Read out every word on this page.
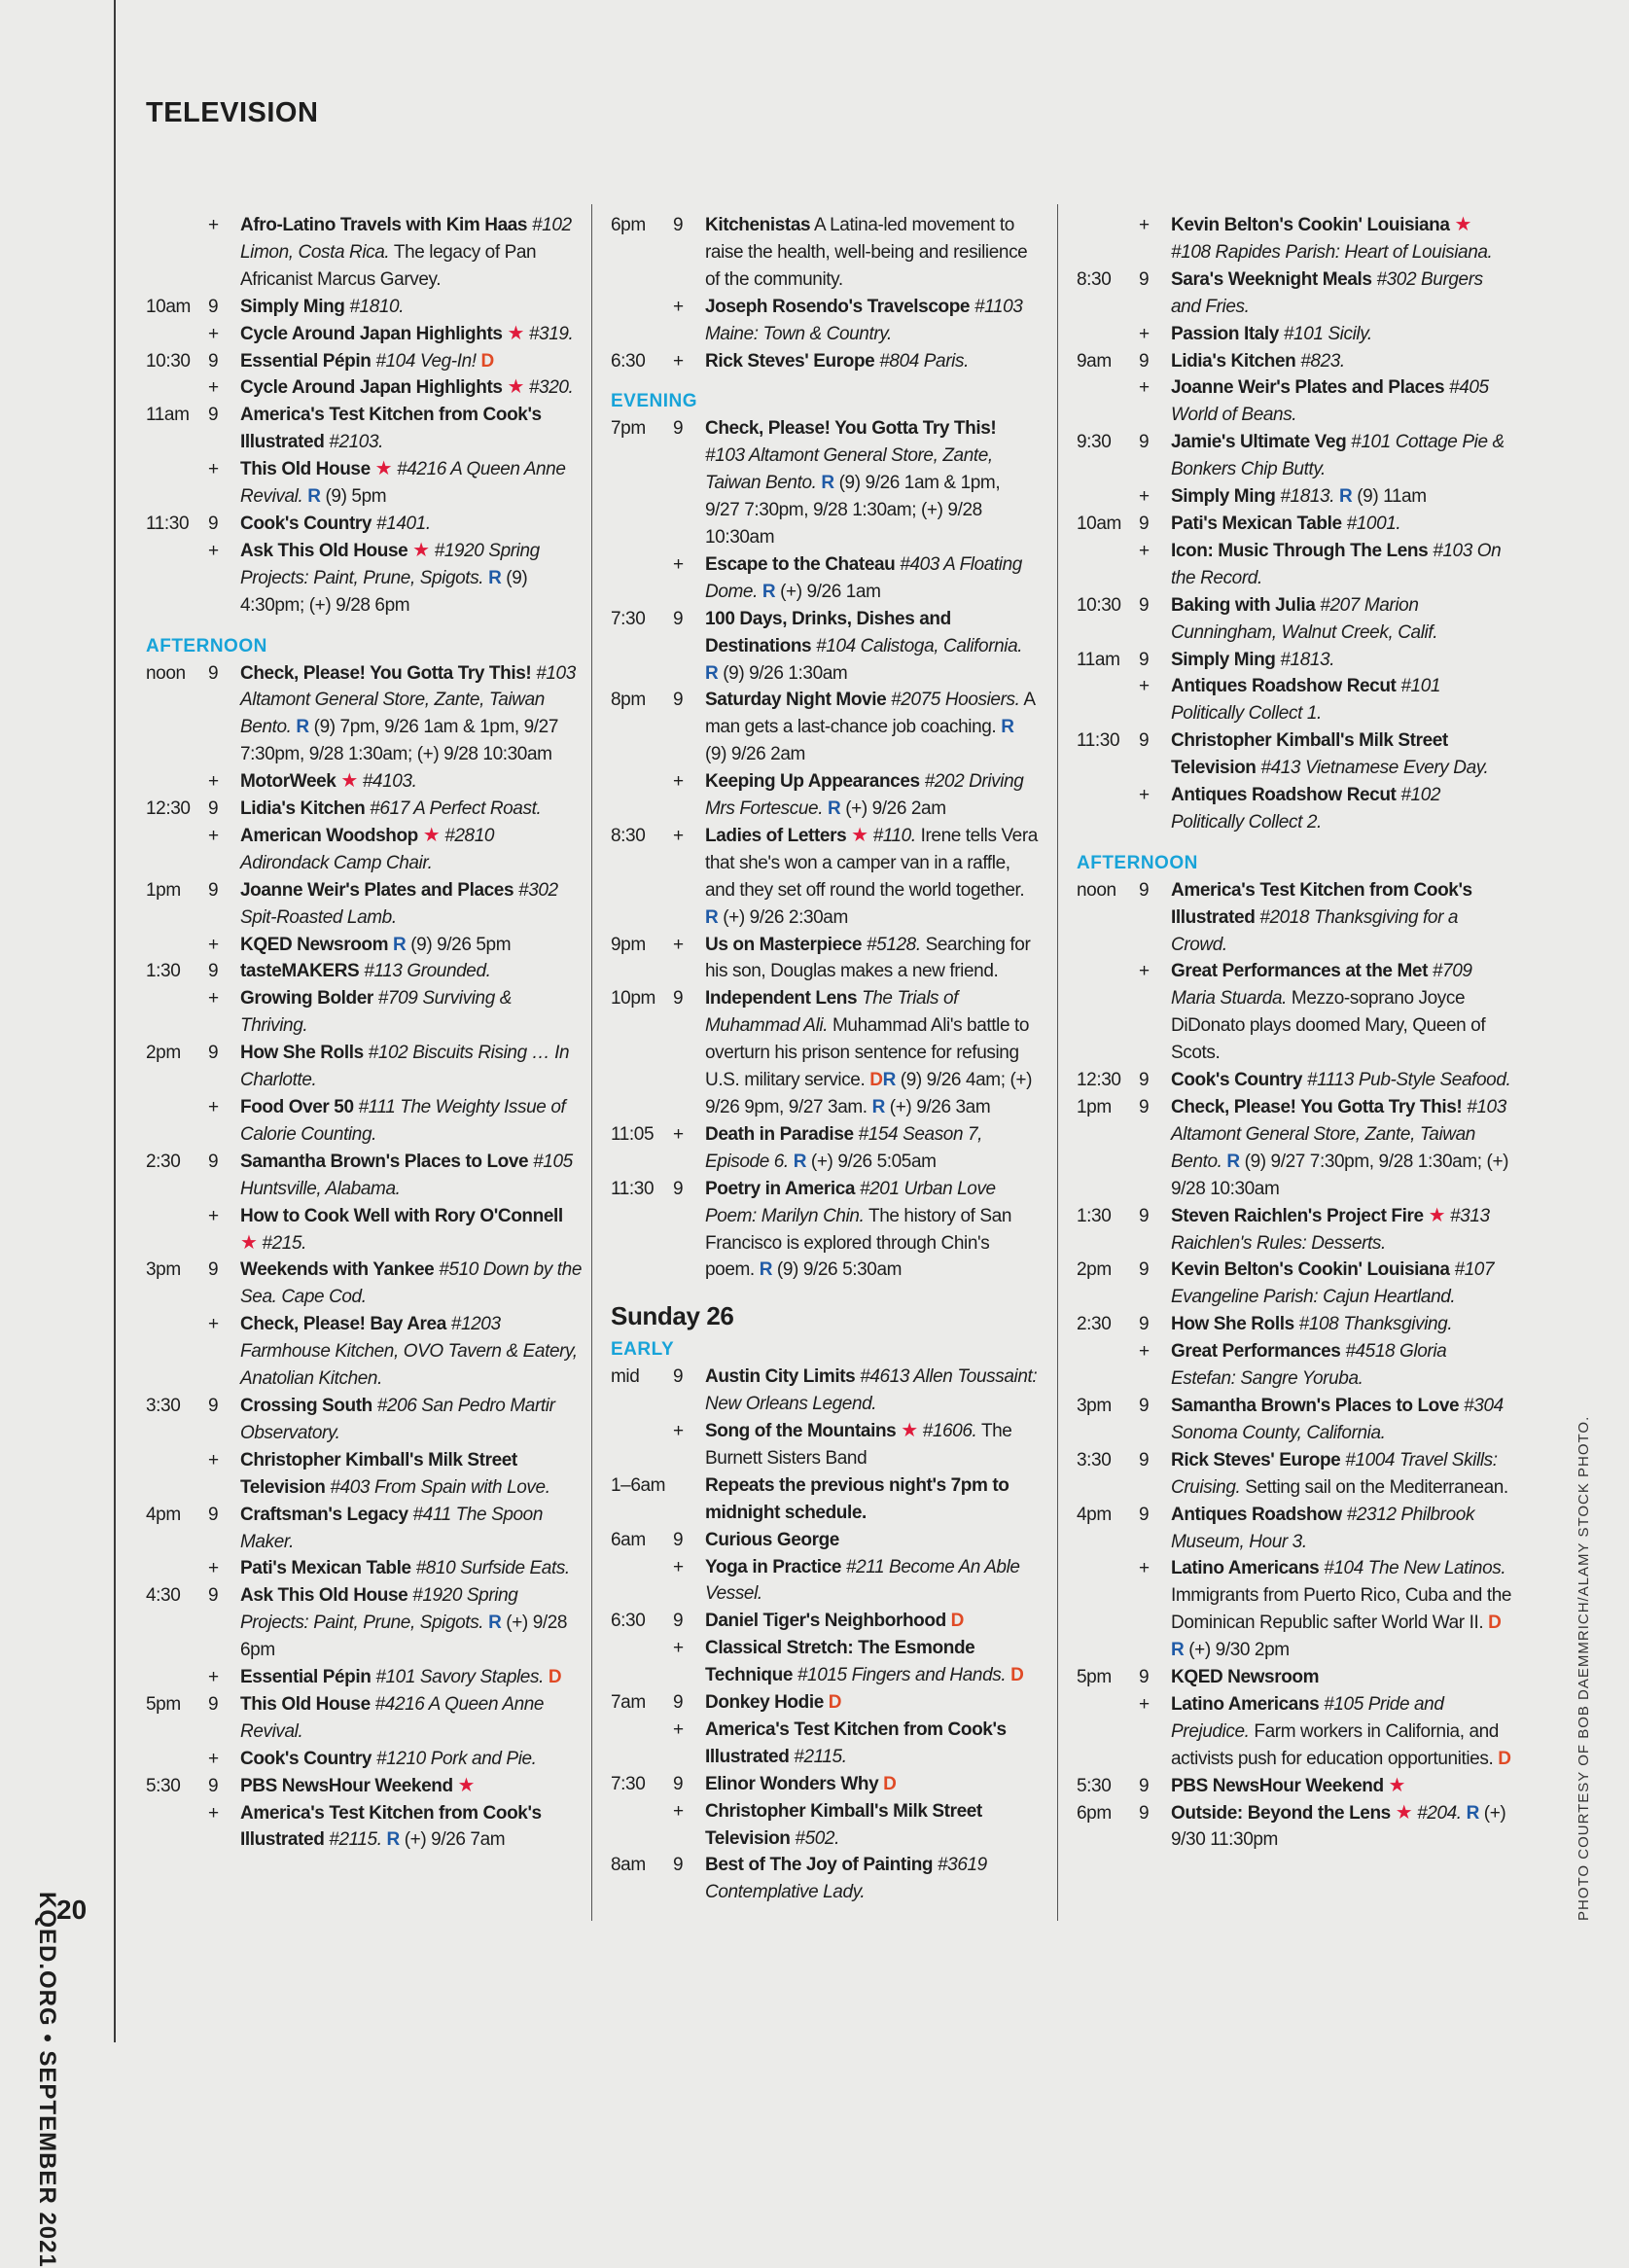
KQED.ORG • SEPTEMBER 2021
20	PHOTO COURTESY OF BOB DAEMMRICH/ALAMY STOCK PHOTO.
TELEVISION
+	Afro-Latino Travels with Kim Haas #102 Limon, Costa Rica. The legacy of Pan Africanist Marcus Garvey.
10am 9	Simply Ming #1810.
+	Cycle Around Japan Highlights ★ #319.
10:30 9	Essential Pépin #104 Veg-In! D
+	Cycle Around Japan Highlights ★ #320.
11am	9	America's Test Kitchen from Cook's Illustrated #2103.
+	This Old House ★ #4216 A Queen Anne Revival. R (9) 5pm
11:30	9	Cook's Country #1401.
+	Ask This Old House ★ #1920 Spring Projects: Paint, Prune, Spigots. R (9) 4:30pm; (+) 9/28 6pm
AFTERNOON
noon	9	Check, Please! You Gotta Try This! #103 Altamont General Store, Zante, Taiwan Bento. R (9) 7pm, 9/26 1am & 1pm, 9/27 7:30pm, 9/28 1:30am; (+) 9/28 10:30am
+	MotorWeek ★ #4103.
12:30 9	Lidia's Kitchen #617 A Perfect Roast.
+	American Woodshop ★ #2810 Adirondack Camp Chair.
1pm	9	Joanne Weir's Plates and Places #302 Spit-Roasted Lamb.
+	KQED Newsroom R (9) 9/26 5pm
1:30	9	tasteMAKERS #113 Grounded.
+	Growing Bolder #709 Surviving & Thriving.
2pm	9	How She Rolls #102 Biscuits Rising … In Charlotte.
+	Food Over 50 #111 The Weighty Issue of Calorie Counting.
2:30	9	Samantha Brown's Places to Love #105 Huntsville, Alabama.
+	How to Cook Well with Rory O'Connell ★ #215.
3pm	9	Weekends with Yankee #510 Down by the Sea. Cape Cod.
+	Check, Please! Bay Area #1203 Farmhouse Kitchen, OVO Tavern & Eatery, Anatolian Kitchen.
3:30	9	Crossing South #206 San Pedro Martir Observatory.
+	Christopher Kimball's Milk Street Television #403 From Spain with Love.
4pm	9	Craftsman's Legacy #411 The Spoon Maker.
+	Pati's Mexican Table #810 Surfside Eats.
4:30	9	Ask This Old House #1920 Spring Projects: Paint, Prune, Spigots. R (+) 9/28 6pm
+	Essential Pépin #101 Savory Staples. D
5pm	9	This Old House #4216 A Queen Anne Revival.
+	Cook's Country #1210 Pork and Pie.
5:30	9	PBS NewsHour Weekend ★
+	America's Test Kitchen from Cook's Illustrated #2115. R (+) 9/26 7am
6pm	9	Kitchenistas A Latina-led movement to raise the health, well-being and resilience of the community.
+	Joseph Rosendo's Travelscope #1103 Maine: Town & Country.
6:30	+	Rick Steves' Europe #804 Paris.
EVENING
7pm	9	Check, Please! You Gotta Try This! #103 Altamont General Store, Zante, Taiwan Bento. R (9) 9/26 1am & 1pm, 9/27 7:30pm, 9/28 1:30am; (+) 9/28 10:30am
+	Escape to the Chateau #403 A Floating Dome. R (+) 9/26 1am
7:30	9	100 Days, Drinks, Dishes and Destinations #104 Calistoga, California. R (9) 9/26 1:30am
8pm	9	Saturday Night Movie #2075 Hoosiers. A man gets a last-chance job coaching. R (9) 9/26 2am
+	Keeping Up Appearances #202 Driving Mrs Fortescue. R (+) 9/26 2am
8:30	+	Ladies of Letters ★ #110. Irene tells Vera that she's won a camper van in a raffle, and they set off round the world together. R (+) 9/26 2:30am
9pm	+	Us on Masterpiece #5128. Searching for his son, Douglas makes a new friend.
10pm 9	Independent Lens The Trials of Muhammad Ali. Muhammad Ali's battle to overturn his prison sentence for refusing U.S. military service. DR (9) 9/26 4am; (+) 9/26 9pm, 9/27 3am. R (+) 9/26 3am
11:05	+	Death in Paradise #154 Season 7, Episode 6. R (+) 9/26 5:05am
11:30	9	Poetry in America #201 Urban Love Poem: Marilyn Chin. The history of San Francisco is explored through Chin's poem. R (9) 9/26 5:30am
Sunday 26
EARLY
mid	9	Austin City Limits #4613 Allen Toussaint: New Orleans Legend.
+	Song of the Mountains ★ #1606. The Burnett Sisters Band
1–6am	Repeats the previous night's 7pm to midnight schedule.
6am	9	Curious George
+	Yoga in Practice #211 Become An Able Vessel.
6:30	9	Daniel Tiger's Neighborhood D
+	Classical Stretch: The Esmonde Technique #1015 Fingers and Hands. D
7am	9	Donkey Hodie D
+	America's Test Kitchen from Cook's Illustrated #2115.
7:30	9	Elinor Wonders Why D
+	Christopher Kimball's Milk Street Television #502.
8am	9	Best of The Joy of Painting #3619 Contemplative Lady.
+	Kevin Belton's Cookin' Louisiana ★ #108 Rapides Parish: Heart of Louisiana.
8:30	9	Sara's Weeknight Meals #302 Burgers and Fries.
+	Passion Italy #101 Sicily.
9am	9	Lidia's Kitchen #823.
+	Joanne Weir's Plates and Places #405 World of Beans.
9:30	9	Jamie's Ultimate Veg #101 Cottage Pie & Bonkers Chip Butty.
+	Simply Ming #1813. R (9) 11am
10am 9	Pati's Mexican Table #1001.
+	Icon: Music Through The Lens #103 On the Record.
10:30 9	Baking with Julia #207 Marion Cunningham, Walnut Creek, Calif.
11am	9	Simply Ming #1813.
+	Antiques Roadshow Recut #101 Politically Collect 1.
11:30	9	Christopher Kimball's Milk Street Television #413 Vietnamese Every Day.
+	Antiques Roadshow Recut #102 Politically Collect 2.
AFTERNOON
noon	9	America's Test Kitchen from Cook's Illustrated #2018 Thanksgiving for a Crowd.
+	Great Performances at the Met #709 Maria Stuarda. Mezzo-soprano Joyce DiDonato plays doomed Mary, Queen of Scots.
12:30 9	Cook's Country #1113 Pub-Style Seafood.
1pm	9	Check, Please! You Gotta Try This! #103 Altamont General Store, Zante, Taiwan Bento. R (9) 9/27 7:30pm, 9/28 1:30am; (+) 9/28 10:30am
1:30	9	Steven Raichlen's Project Fire ★ #313 Raichlen's Rules: Desserts.
2pm	9	Kevin Belton's Cookin' Louisiana #107 Evangeline Parish: Cajun Heartland.
2:30	9	How She Rolls #108 Thanksgiving.
+	Great Performances #4518 Gloria Estefan: Sangre Yoruba.
3pm	9	Samantha Brown's Places to Love #304 Sonoma County, California.
3:30	9	Rick Steves' Europe #1004 Travel Skills: Cruising. Setting sail on the Mediterranean.
4pm	9	Antiques Roadshow #2312 Philbrook Museum, Hour 3.
+	Latino Americans #104 The New Latinos. Immigrants from Puerto Rico, Cuba and the Dominican Republic safter World War II. D R (+) 9/30 2pm
5pm	9	KQED Newsroom
+	Latino Americans #105 Pride and Prejudice. Farm workers in California, and activists push for education opportunities. D
5:30	9	PBS NewsHour Weekend ★
6pm	9	Outside: Beyond the Lens ★ #204. R (+) 9/30 11:30pm
